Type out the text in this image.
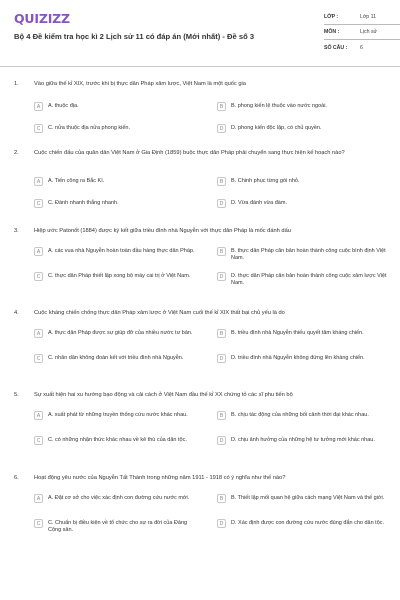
QUIZIZZ
Bộ 4 Đề kiểm tra học kì 2 Lịch sử 11 có đáp án (Mới nhất) - Đề số 3
LỚP :	Lớp 11
MÔN :	Lịch sử
SỐ CÂU :	6
1.	Vào giữa thế kỉ XIX, trước khi bị thực dân Pháp xâm lược, Việt Nam là một quốc gia
A	A. thuộc địa.	B	B. phong kiến lệ thuộc vào nước ngoài.
C	C. nửa thuộc địa nửa phong kiến.	D	D. phong kiến độc lập, có chủ quyền.
2.	Cuộc chiến đấu của quân dân Việt Nam ở Gia Định (1859) buộc thực dân Pháp phải chuyển sang thực hiện kế hoạch nào?
A	A. Tiến công ra Bắc Kì.	B	B. Chinh phục từng gói nhỏ.
C	C. Đánh nhanh thắng nhanh.	D	D. Vừa đánh vừa đàm.
3.	Hiệp ước Patonốt (1884) được ký kết giữa triều đình nhà Nguyễn với thực dân Pháp là mốc đánh dấu
A	A. các vua nhà Nguyễn hoàn toàn đầu hàng thực dân Pháp.	B	B. thực dân Pháp căn bản hoàn thành công cuộc bình định Việt Nam.
C	C. thực dân Pháp thiết lập xong bộ máy cai trị ở Việt Nam.	D	D. thực dân Pháp căn bản hoàn thành công cuộc xâm lược Việt Nam.
4.	Cuộc kháng chiến chống thực dân Pháp xâm lược ở Việt Nam cuối thế kỉ XIX thất bại chủ yếu là do
A	A. thực dân Pháp được sự giúp đỡ của nhiều nước tư bản.	B	B. triều đình nhà Nguyễn thiếu quyết tâm kháng chiến.
C	C. nhân dân không đoàn kết với triều đình nhà Nguyễn.	D	D. triều đình nhà Nguyễn không đứng lên kháng chiến.
5.	Sự xuất hiện hai xu hướng bạo động và cải cách ở Việt Nam đầu thế kỉ XX chứng tỏ các sĩ phu tiến bộ
A	A. xuất phát từ những truyền thống cứu nước khác nhau.	B	B. chịu tác động của những bối cảnh thời đại khác nhau.
C	C. có những nhận thức khác nhau về kẻ thù của dân tộc.	D	D. chịu ảnh hưởng của những hệ tư tưởng mới khác nhau.
6.	Hoạt động yêu nước của Nguyễn Tất Thành trong những năm 1911 - 1918 có ý nghĩa như thế nào?
A	A. Đặt cơ sở cho việc xác định con đường cứu nước mới.	B	B. Thiết lập mối quan hệ giữa cách mạng Việt Nam và thế giới.
C	C. Chuẩn bị điều kiện về tổ chức cho sự ra đời của Đảng Cộng sản.
D	D. Xác định được con đường cứu nước đúng đắn cho dân tộc.
